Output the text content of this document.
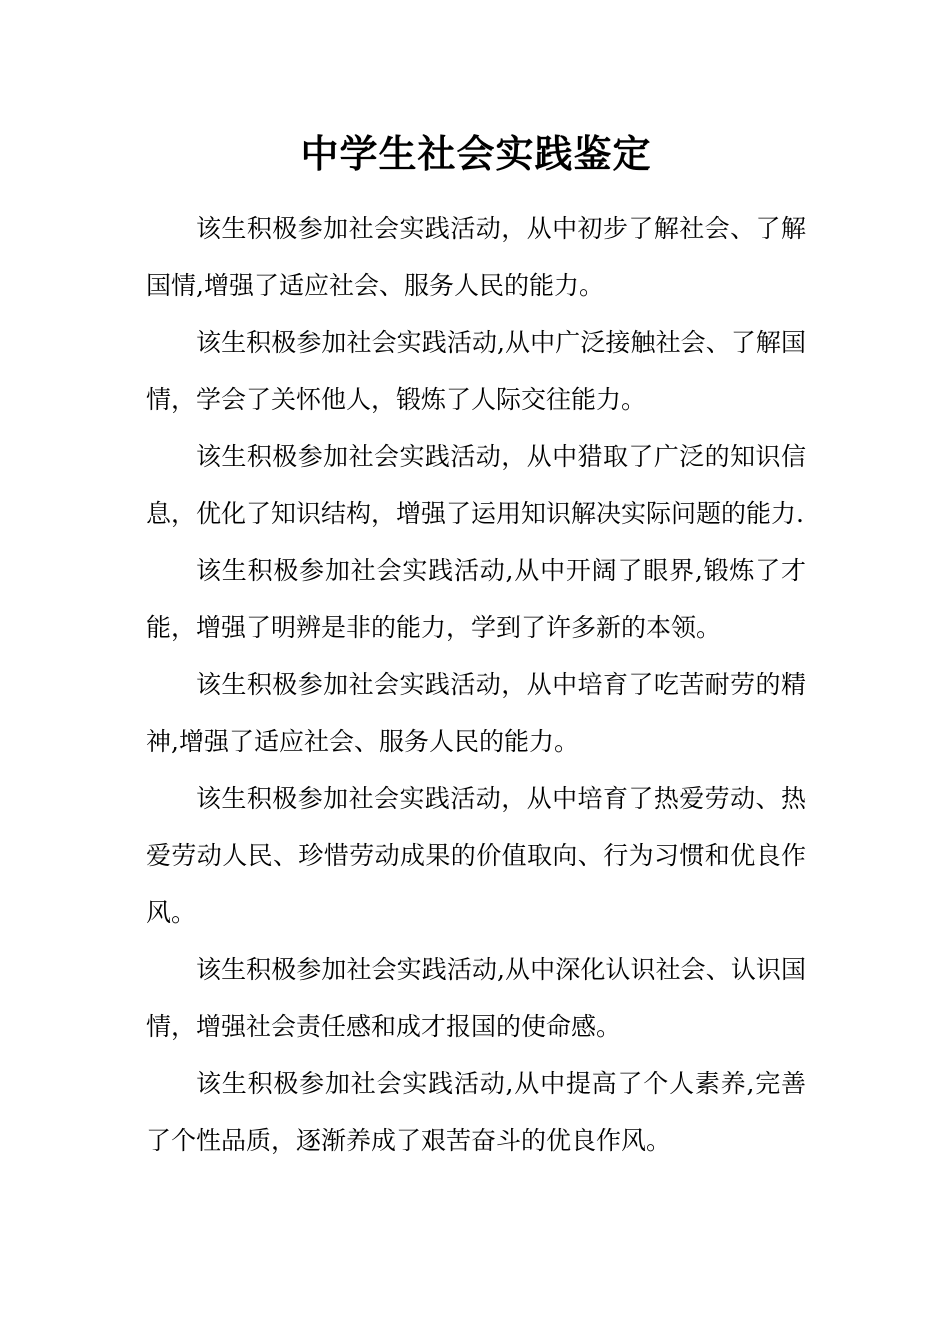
中学生社会实践鉴定

该生积极参加社会实践活动，从中初步了解社会、了解国情,增强了适应社会、服务人民的能力。

该生积极参加社会实践活动,从中广泛接触社会、了解国情，学会了关怀他人，锻炼了人际交往能力。

该生积极参加社会实践活动，从中猎取了广泛的知识信息，优化了知识结构，增强了运用知识解决实际问题的能力.

该生积极参加社会实践活动,从中开阔了眼界,锻炼了才能，增强了明辨是非的能力，学到了许多新的本领。

该生积极参加社会实践活动，从中培育了吃苦耐劳的精神,增强了适应社会、服务人民的能力。

该生积极参加社会实践活动，从中培育了热爱劳动、热爱劳动人民、珍惜劳动成果的价值取向、行为习惯和优良作风。

该生积极参加社会实践活动,从中深化认识社会、认识国情，增强社会责任感和成才报国的使命感。

该生积极参加社会实践活动,从中提高了个人素养,完善了个性品质，逐渐养成了艰苦奋斗的优良作风。
